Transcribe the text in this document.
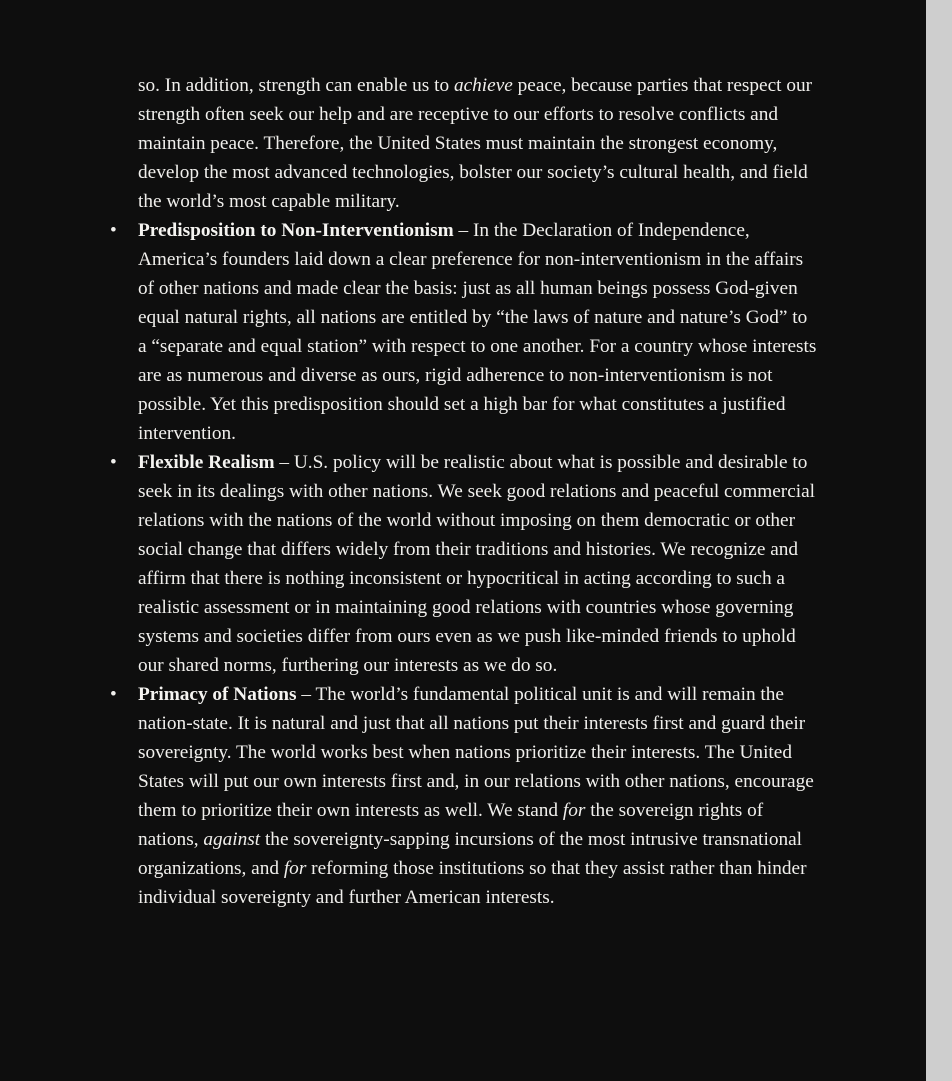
so. In addition, strength can enable us to achieve peace, because parties that respect our strength often seek our help and are receptive to our efforts to resolve conflicts and maintain peace. Therefore, the United States must maintain the strongest economy, develop the most advanced technologies, bolster our society’s cultural health, and field the world’s most capable military.

• Predisposition to Non-Interventionism – In the Declaration of Independence, America’s founders laid down a clear preference for non-interventionism in the affairs of other nations and made clear the basis: just as all human beings possess God-given equal natural rights, all nations are entitled by “the laws of nature and nature’s God” to a “separate and equal station” with respect to one another. For a country whose interests are as numerous and diverse as ours, rigid adherence to non-interventionism is not possible. Yet this predisposition should set a high bar for what constitutes a justified intervention.
• Flexible Realism – U.S. policy will be realistic about what is possible and desirable to seek in its dealings with other nations. We seek good relations and peaceful commercial relations with the nations of the world without imposing on them democratic or other social change that differs widely from their traditions and histories. We recognize and affirm that there is nothing inconsistent or hypocritical in acting according to such a realistic assessment or in maintaining good relations with countries whose governing systems and societies differ from ours even as we push like-minded friends to uphold our shared norms, furthering our interests as we do so.
• Primacy of Nations – The world’s fundamental political unit is and will remain the nation-state. It is natural and just that all nations put their interests first and guard their sovereignty. The world works best when nations prioritize their interests. The United States will put our own interests first and, in our relations with other nations, encourage them to prioritize their own interests as well. We stand for the sovereign rights of nations, against the sovereignty-sapping incursions of the most intrusive transnational organizations, and for reforming those institutions so that they assist rather than hinder individual sovereignty and further American interests.
